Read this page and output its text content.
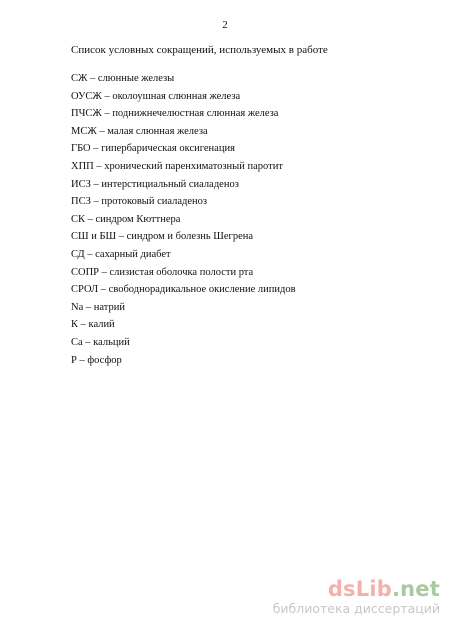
2
Список условных сокращений, используемых в работе
СЖ – слюнные железы
ОУСЖ – околоушная слюнная железа
ПЧСЖ – поднижнечелюстная слюнная железа
МСЖ – малая слюнная железа
ГБО – гипербарическая оксигенация
ХПП – хронический паренхиматозный паротит
ИСЗ – интерстициальный сиаладеноз
ПСЗ – протоковый сиаладеноз
СК – синдром Кюттнера
СШ и БШ – синдром и болезнь Шегрена
СД – сахарный диабет
СОПР – слизистая оболочка полости рта
СРОЛ – свободнорадикальное окисление липидов
Na – натрий
К – калий
Ca – кальций
Р – фосфор
dsLib.net
библиотека диссертаций
